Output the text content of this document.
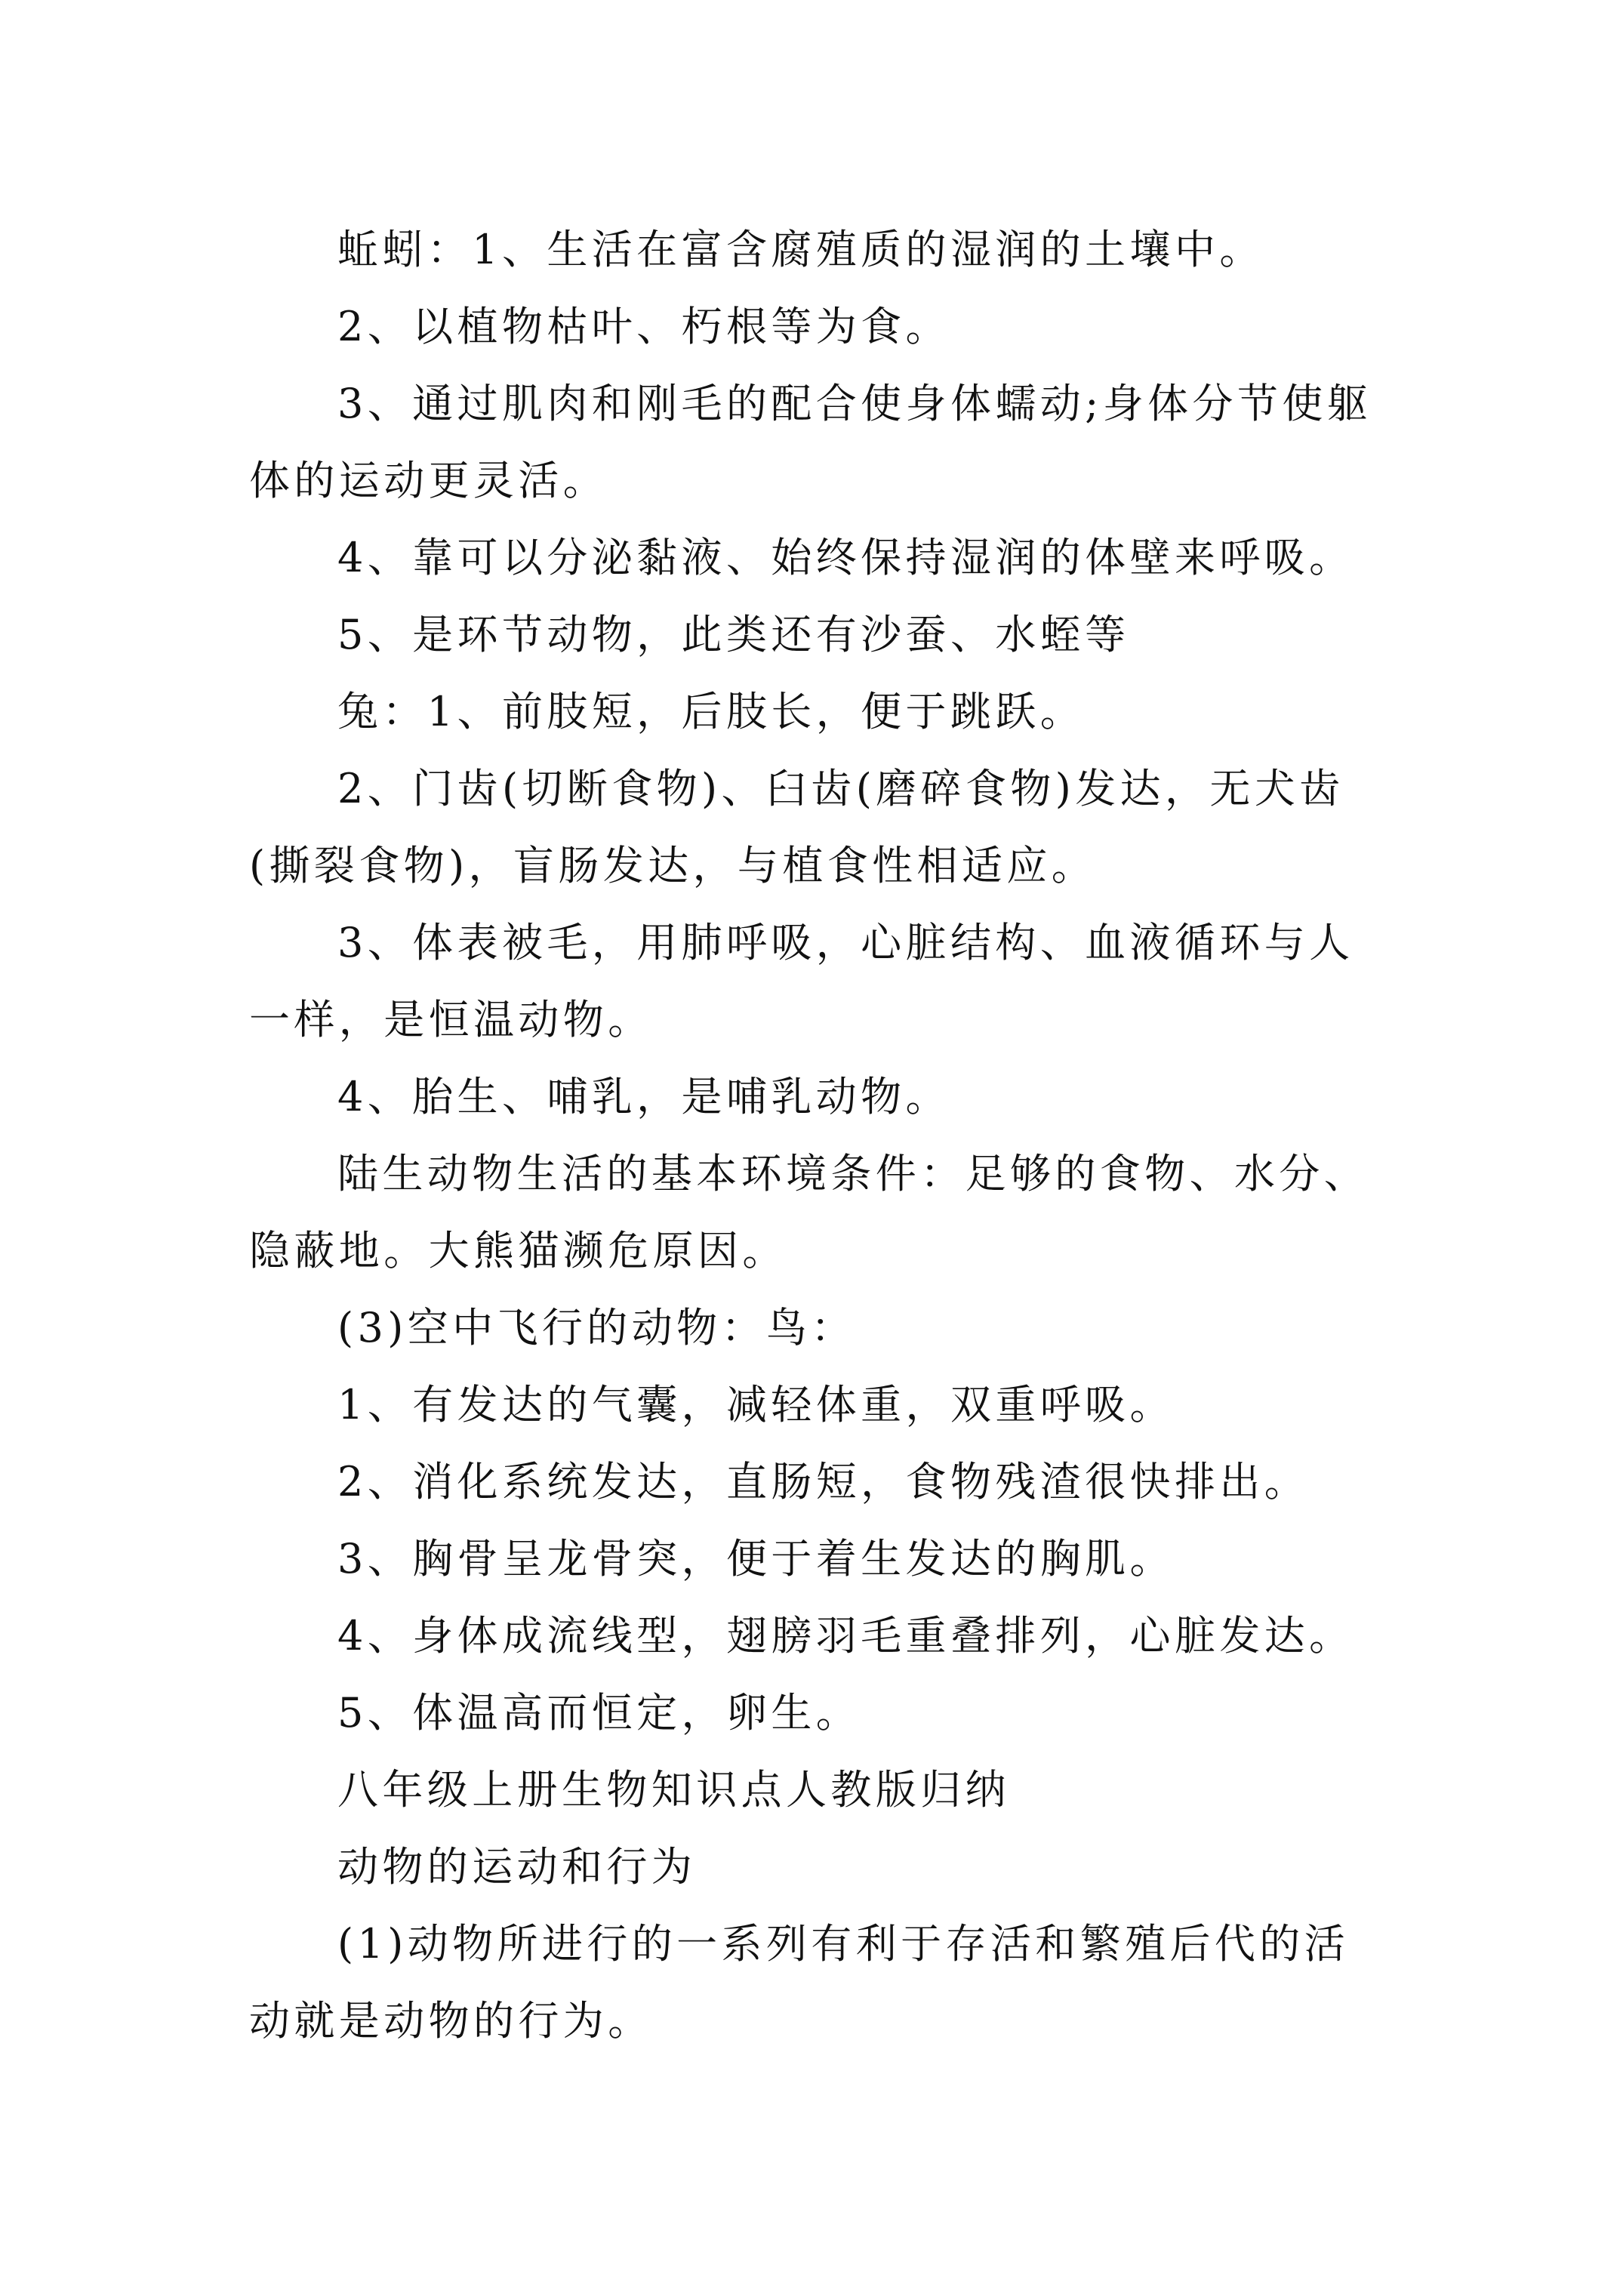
蚯蚓：1、生活在富含腐殖质的湿润的土壤中。

2、以植物枯叶、朽根等为食。

3、通过肌肉和刚毛的配合使身体蠕动;身体分节使躯体的运动更灵活。

4、靠可以分泌黏液、始终保持湿润的体壁来呼吸。

5、是环节动物，此类还有沙蚕、水蛭等

兔：1、前肢短，后肢长，便于跳跃。

2、门齿(切断食物)、臼齿(磨碎食物)发达，无犬齿(撕裂食物)，盲肠发达，与植食性相适应。

3、体表被毛，用肺呼吸，心脏结构、血液循环与人一样，是恒温动物。

4、胎生、哺乳，是哺乳动物。

陆生动物生活的基本环境条件：足够的食物、水分、隐蔽地。大熊猫濒危原因。

(3)空中飞行的动物：鸟：

1、有发达的气囊，减轻体重，双重呼吸。

2、消化系统发达，直肠短，食物残渣很快排出。

3、胸骨呈龙骨突，便于着生发达的胸肌。

4、身体成流线型，翅膀羽毛重叠排列，心脏发达。

5、体温高而恒定，卵生。

八年级上册生物知识点人教版归纳

动物的运动和行为

(1)动物所进行的一系列有利于存活和繁殖后代的活动就是动物的行为。
